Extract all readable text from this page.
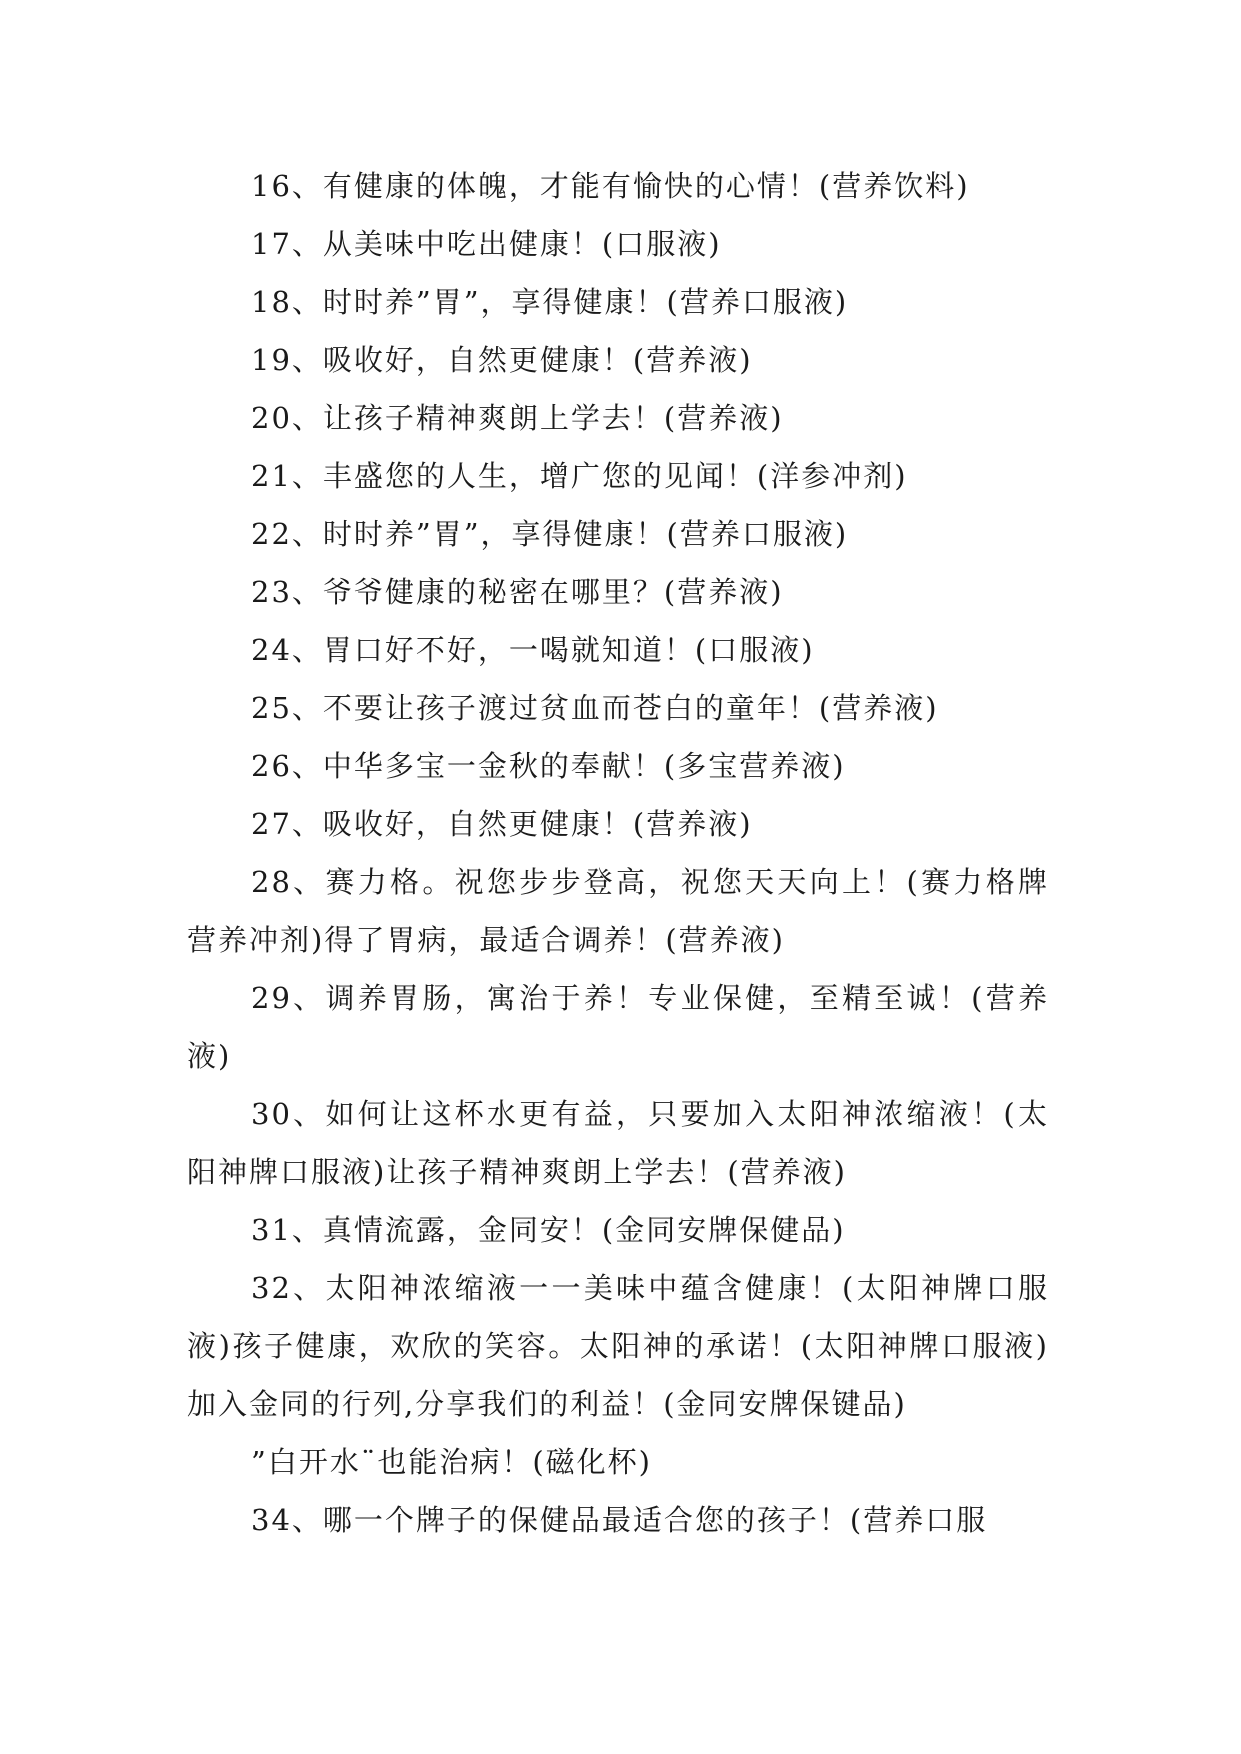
16、有健康的体魄，才能有愉快的心情！(营养饮料)

17、从美味中吃出健康！(口服液)

18、时时养”胃”，享得健康！(营养口服液)

19、吸收好，自然更健康！(营养液)

20、让孩子精神爽朗上学去！(营养液)

21、丰盛您的人生，增广您的见闻！(洋参冲剂)

22、时时养”胃”，享得健康！(营养口服液)

23、爷爷健康的秘密在哪里？(营养液)

24、胃口好不好，一喝就知道！(口服液)

25、不要让孩子渡过贫血而苍白的童年！(营养液)

26、中华多宝一金秋的奉献！(多宝营养液)

27、吸收好，自然更健康！(营养液)

28、赛力格。祝您步步登高，祝您天天向上！(赛力格牌营养冲剂)得了胃病，最适合调养！(营养液)

29、调养胃肠，寓治于养！专业保健，至精至诚！(营养液)

30、如何让这杯水更有益，只要加入太阳神浓缩液！(太阳神牌口服液)让孩子精神爽朗上学去！(营养液)

31、真情流露，金同安！(金同安牌保健品)

32、太阳神浓缩液一一美味中蕴含健康！(太阳神牌口服液)孩子健康，欢欣的笑容。太阳神的承诺！(太阳神牌口服液)加入金同的行列,分享我们的利益！(金同安牌保键品)

”白开水¨也能治病！(磁化杯)

34、哪一个牌子的保健品最适合您的孩子！(营养口服
